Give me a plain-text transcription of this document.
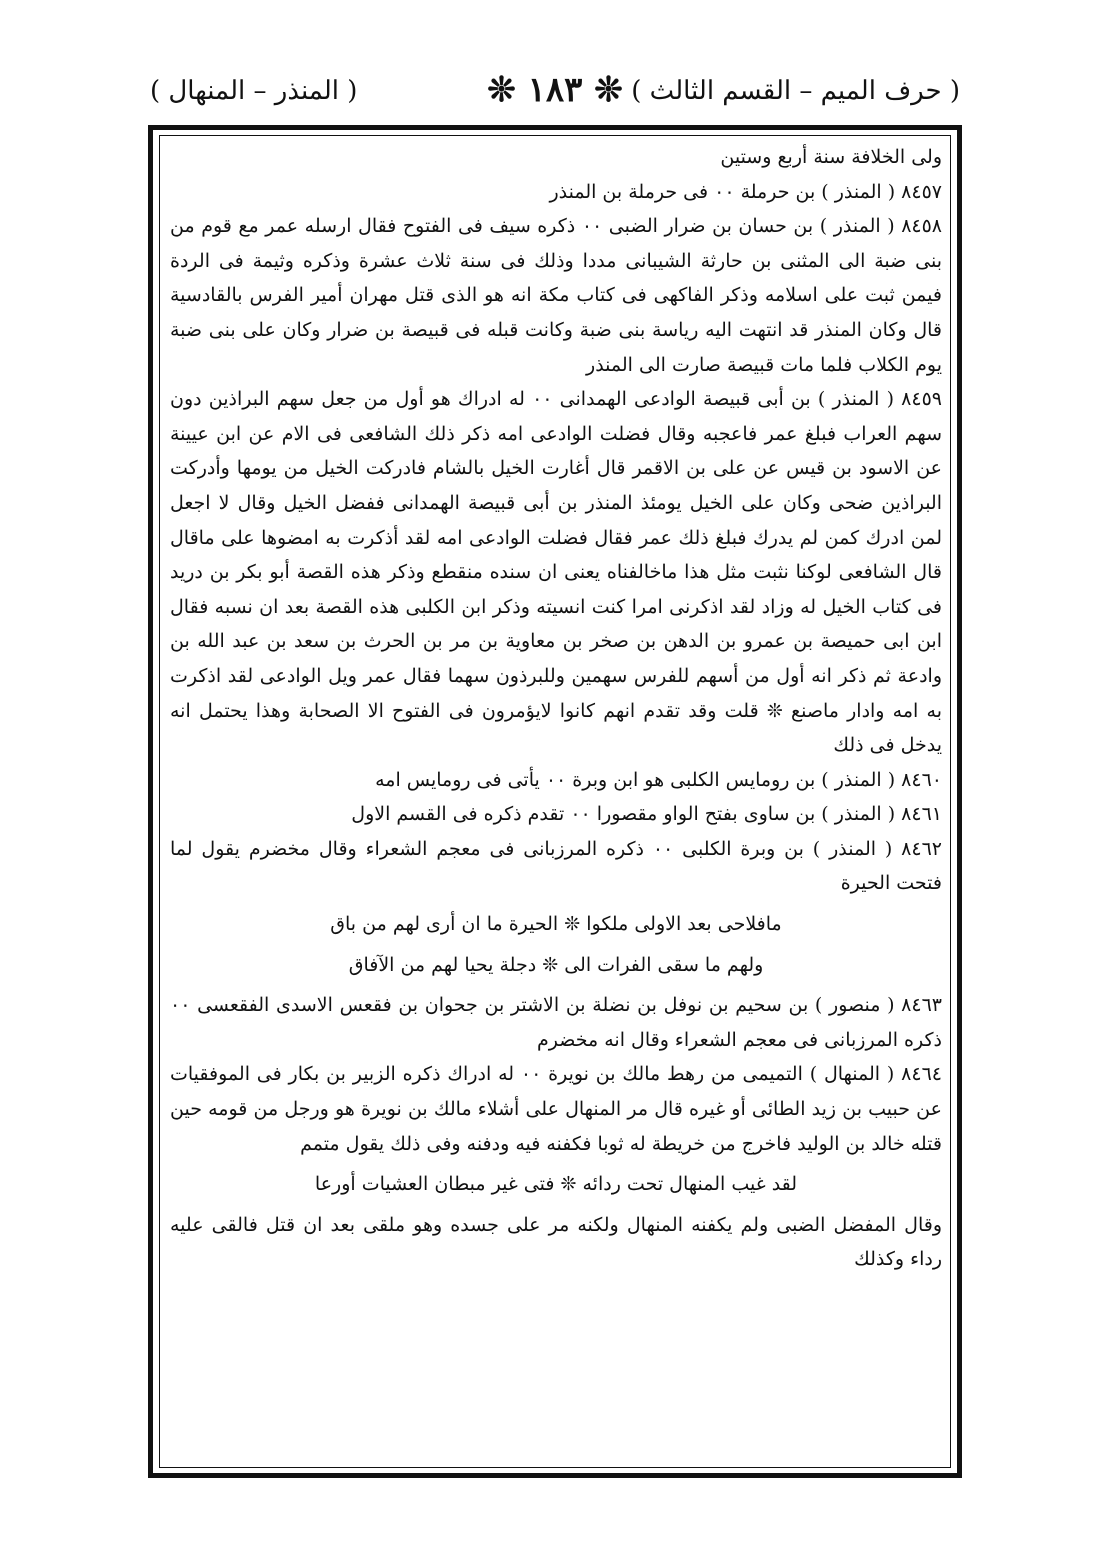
( حرف الميم – القسم الثالث )
❊ ١٨٣ ❊
( المنذر – المنهال )

ولى الخلافة سنة أربع وستين

٨٤٥٧ ( المنذر ) بن حرملة ٠٠ فى حرملة بن المنذر

٨٤٥٨ ( المنذر ) بن حسان بن ضرار الضبى ٠٠ ذكره سيف فى الفتوح فقال ارسله عمر مع قوم من بنى ضبة الى المثنى بن حارثة الشيبانى مددا وذلك فى سنة ثلاث عشرة وذكره وثيمة فى الردة فيمن ثبت على اسلامه وذكر الفاكهى فى كتاب مكة انه هو الذى قتل مهران أمير الفرس بالقادسية قال وكان المنذر قد انتهت اليه رياسة بنى ضبة وكانت قبله فى قبيصة بن ضرار وكان على بنى ضبة يوم الكلاب فلما مات قبيصة صارت الى المنذر

٨٤٥٩ ( المنذر ) بن أبى قبيصة الوادعى الهمدانى ٠٠ له ادراك هو أول من جعل سهم البراذين دون سهم العراب فبلغ عمر فاعجبه وقال فضلت الوادعى امه ذكر ذلك الشافعى فى الام عن ابن عيينة عن الاسود بن قيس عن على بن الاقمر قال أغارت الخيل بالشام فادركت الخيل من يومها وأدركت البراذين ضحى وكان على الخيل يومئذ المنذر بن أبى قبيصة الهمدانى ففضل الخيل وقال لا اجعل لمن ادرك كمن لم يدرك فبلغ ذلك عمر فقال فضلت الوادعى امه لقد أذكرت به امضوها على ماقال قال الشافعى لوكنا نثبت مثل هذا ماخالفناه يعنى ان سنده منقطع وذكر هذه القصة أبو بكر بن دريد فى كتاب الخيل له وزاد لقد اذكرنى امرا كنت انسيته وذكر ابن الكلبى هذه القصة بعد ان نسبه فقال ابن ابى حميصة بن عمرو بن الدهن بن صخر بن معاوية بن مر بن الحرث بن سعد بن عبد الله بن وادعة ثم ذكر انه أول من أسهم للفرس سهمين وللبرذون سهما فقال عمر ويل الوادعى لقد اذكرت به امه وادار ماصنع ❊ قلت وقد تقدم انهم كانوا لايؤمرون فى الفتوح الا الصحابة وهذا يحتمل انه يدخل فى ذلك

٨٤٦٠ ( المنذر ) بن رومايس الكلبى هو ابن وبرة ٠٠ يأتى فى رومايس امه

٨٤٦١ ( المنذر ) بن ساوى بفتح الواو مقصورا ٠٠ تقدم ذكره فى القسم الاول

٨٤٦٢ ( المنذر ) بن وبرة الكلبى ٠٠ ذكره المرزبانى فى معجم الشعراء وقال مخضرم يقول لما فتحت الحيرة

مافلاحى بعد الاولى ملكوا ❊ الحيرة ما ان أرى لهم من باق
ولهم ما سقى الفرات الى ❊ دجلة يحيا لهم من الآفاق

٨٤٦٣ ( منصور ) بن سحيم بن نوفل بن نضلة بن الاشتر بن جحوان بن فقعس الاسدى الفقعسى ٠٠ ذكره المرزبانى فى معجم الشعراء وقال انه مخضرم

٨٤٦٤ ( المنهال ) التميمى من رهط مالك بن نويرة ٠٠ له ادراك ذكره الزبير بن بكار فى الموفقيات عن حبيب بن زيد الطائى أو غيره قال مر المنهال على أشلاء مالك بن نويرة هو ورجل من قومه حين قتله خالد بن الوليد فاخرج من خريطة له ثوبا فكفنه فيه ودفنه وفى ذلك يقول متمم

لقد غيب المنهال تحت ردائه ❊ فتى غير مبطان العشيات أورعا

وقال المفضل الضبى ولم يكفنه المنهال ولكنه مر على جسده وهو ملقى بعد ان قتل فالقى عليه رداء وكذلك
